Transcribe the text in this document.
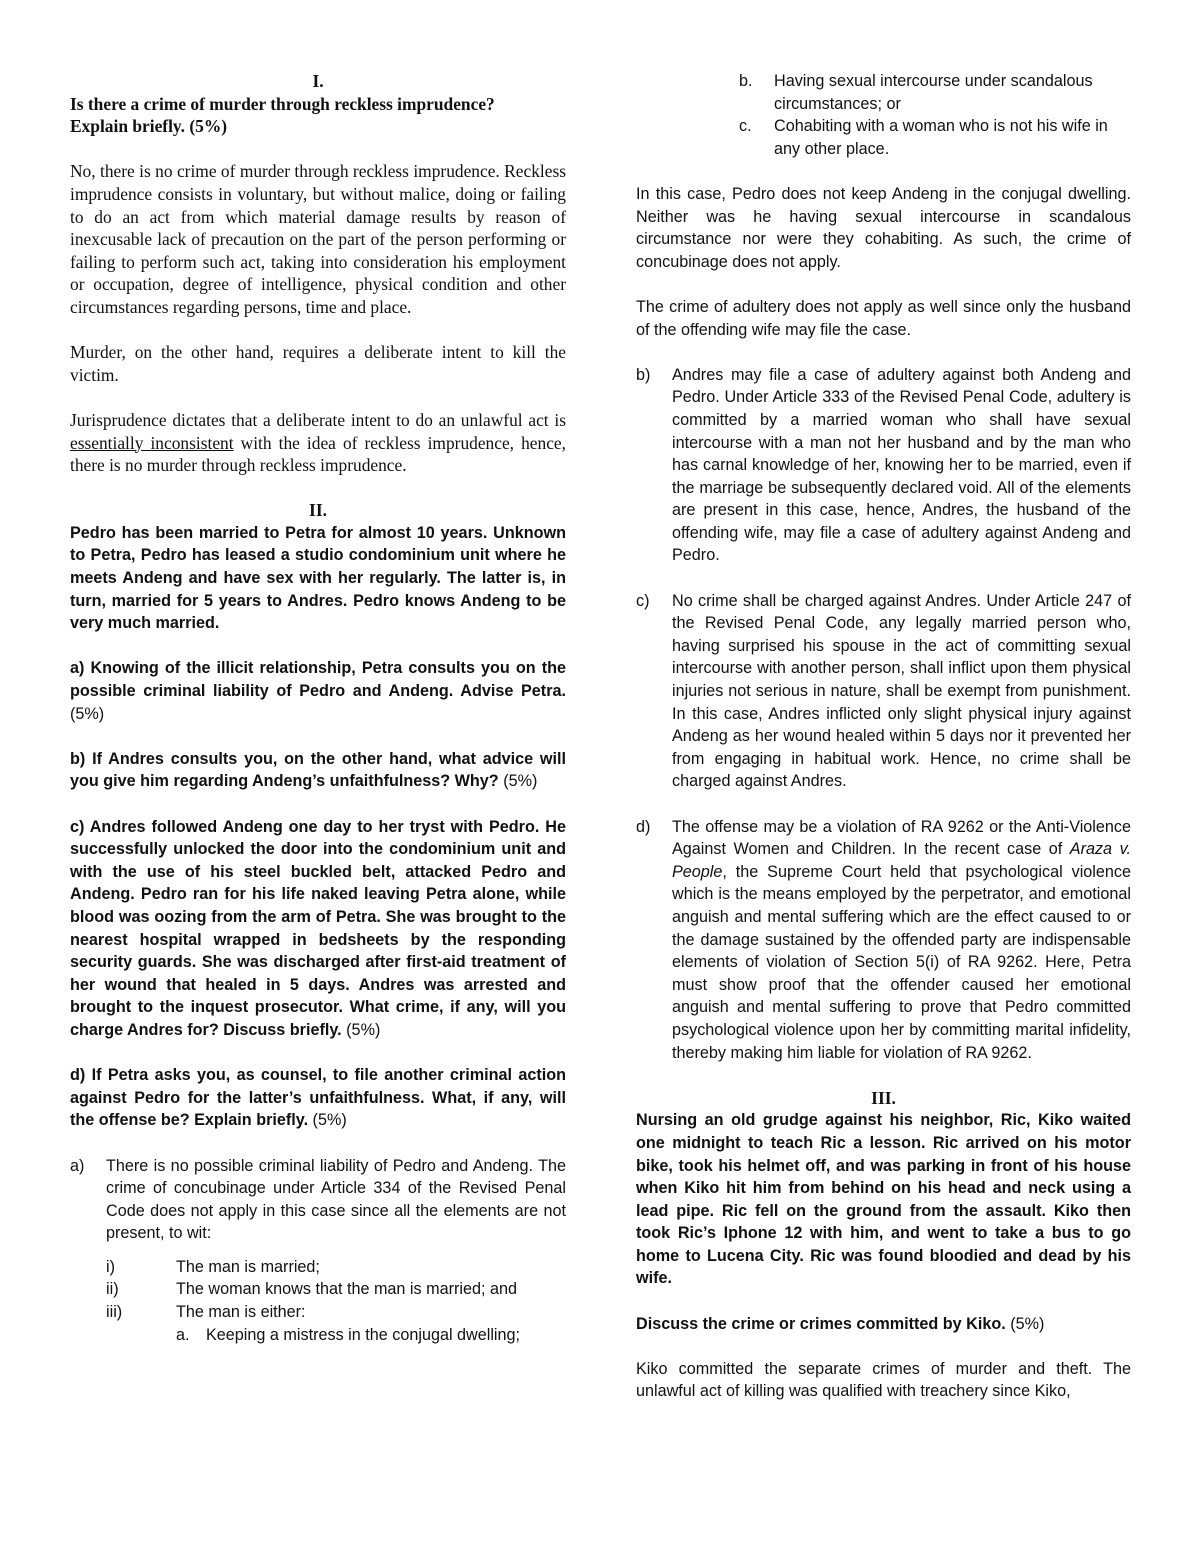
I.

Is there a crime of murder through reckless imprudence?

Explain briefly. (5%)

No, there is no crime of murder through reckless imprudence. Reckless imprudence consists in voluntary, but without malice, doing or failing to do an act from which material damage results by reason of inexcusable lack of precaution on the part of the person performing or failing to perform such act, taking into consideration his employment or occupation, degree of intelligence, physical condition and other circumstances regarding persons, time and place.

Murder, on the other hand, requires a deliberate intent to kill the victim.

Jurisprudence dictates that a deliberate intent to do an unlawful act is essentially inconsistent with the idea of reckless imprudence, hence, there is no murder through reckless imprudence.

II.

Pedro has been married to Petra for almost 10 years. Unknown to Petra, Pedro has leased a studio condominium unit where he meets Andeng and have sex with her regularly. The latter is, in turn, married for 5 years to Andres. Pedro knows Andeng to be very much married.

a) Knowing of the illicit relationship, Petra consults you on the possible criminal liability of Pedro and Andeng. Advise Petra. (5%)

b) If Andres consults you, on the other hand, what advice will you give him regarding Andeng’s unfaithfulness? Why? (5%)

c) Andres followed Andeng one day to her tryst with Pedro. He successfully unlocked the door into the condominium unit and with the use of his steel buckled belt, attacked Pedro and Andeng. Pedro ran for his life naked leaving Petra alone, while blood was oozing from the arm of Petra. She was brought to the nearest hospital wrapped in bedsheets by the responding security guards. She was discharged after first-aid treatment of her wound that healed in 5 days. Andres was arrested and brought to the inquest prosecutor. What crime, if any, will you charge Andres for? Discuss briefly. (5%)

d) If Petra asks you, as counsel, to file another criminal action against Pedro for the latter’s unfaithfulness. What, if any, will the offense be? Explain briefly. (5%)

a) There is no possible criminal liability of Pedro and Andeng. The crime of concubinage under Article 334 of the Revised Penal Code does not apply in this case since all the elements are not present, to wit:

i)	The man is married;

ii)	The woman knows that the man is married; and

iii)	The man is either:

a. Keeping a mistress in the conjugal dwelling;

b. Having sexual intercourse under scandalous circumstances; or

c. Cohabiting with a woman who is not his wife in any other place.

In this case, Pedro does not keep Andeng in the conjugal dwelling. Neither was he having sexual intercourse in scandalous circumstance nor were they cohabiting. As such, the crime of concubinage does not apply.

The crime of adultery does not apply as well since only the husband of the offending wife may file the case.

b) Andres may file a case of adultery against both Andeng and Pedro. Under Article 333 of the Revised Penal Code, adultery is committed by a married woman who shall have sexual intercourse with a man not her husband and by the man who has carnal knowledge of her, knowing her to be married, even if the marriage be subsequently declared void. All of the elements are present in this case, hence, Andres, the husband of the offending wife, may file a case of adultery against Andeng and Pedro.

c) No crime shall be charged against Andres. Under Article 247 of the Revised Penal Code, any legally married person who, having surprised his spouse in the act of committing sexual intercourse with another person, shall inflict upon them physical injuries not serious in nature, shall be exempt from punishment. In this case, Andres inflicted only slight physical injury against Andeng as her wound healed within 5 days nor it prevented her from engaging in habitual work. Hence, no crime shall be charged against Andres.

d) The offense may be a violation of RA 9262 or the Anti-Violence Against Women and Children. In the recent case of Araza v. People, the Supreme Court held that psychological violence which is the means employed by the perpetrator, and emotional anguish and mental suffering which are the effect caused to or the damage sustained by the offended party are indispensable elements of violation of Section 5(i) of RA 9262. Here, Petra must show proof that the offender caused her emotional anguish and mental suffering to prove that Pedro committed psychological violence upon her by committing marital infidelity, thereby making him liable for violation of RA 9262.

III.

Nursing an old grudge against his neighbor, Ric, Kiko waited one midnight to teach Ric a lesson. Ric arrived on his motor bike, took his helmet off, and was parking in front of his house when Kiko hit him from behind on his head and neck using a lead pipe. Ric fell on the ground from the assault. Kiko then took Ric’s Iphone 12 with him, and went to take a bus to go home to Lucena City. Ric was found bloodied and dead by his wife.

Discuss the crime or crimes committed by Kiko. (5%)

Kiko committed the separate crimes of murder and theft. The unlawful act of killing was qualified with treachery since Kiko,
